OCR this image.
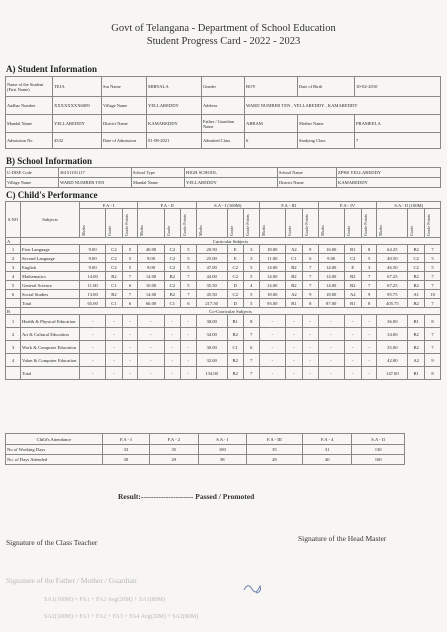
Govt of Telangana - Department of School Education
Student Progress Card - 2022 - 2023
A) Student Information
Name of the Student (First Name)	TEJA	Sur Name	MIRYALA	Gender	BOY	Date of Birth	10-02-2010
Aadhar Number	XXXXXXXX6009	Village Name	YELLAREDDY	Address	WARD NUMBER TEN , YELLAREDDY , KAMAREDDY		
Mandal Name	YELLAREDDY	District Name	KAMAREDDY	Father / Guardian Name	ABRAM	Mother Name	PRAMEELA
Admission No	4532	Date of Admission	01-08-2021	Admitted Class	6	Studying Class	7
B) School Information
U-DISE Code	36151101117	School Type	HIGH SCHOOL	School Name	ZPHS YELLAREDDY
Village Name	WARD NUMBER TEN	Mandal Name	YELLAREDDY	District Name	KAMAREDDY
C) Child's Performance
S.NO	Subjects	F.A - I			F.A - II			S.A - I (100M)			F.A - III			F.A - IV			S.A - II (100M)		

		Marks	Grade	Grade Points	Marks	Grade	Grade Points	Marks	Grade	Grade Points	Marks	Grade	Grade Points	Marks	Grade	Grade Points	Marks	Grade	Grade Points

A	Curricular Subjects																		
1	First Language	9.00	C2	5	40.00	C2	5	20.50	E	3	18.00	A2	9	16.00	B1	8	64.25	B2	7
2	Second Language	9.00	C2	5	9.00	C2	5	25.00	E	3	11.00	C1	6	9.00	C2	5	40.50	C2	5
3	English	9.00	C2	5	9.00	C2	5	47.00	C2	5	14.00	B2	7	14.00	E	3	46.50	C2	5
4	Mathematics	14.00	B2	7	14.00	B2	7	44.00	C2	5	14.00	B2	7	14.00	B2	7	67.25	B2	7
5	General Science	11.00	C1	6	10.00	C2	5	35.50	D	4	14.00	B2	7	14.00	B2	7	67.25	B2	7
6	Social Studies	13.00	B2	7	14.00	B2	7	45.50	C2	5	18.00	A2	9	18.00	A2	9	95.75	A1	10
	Total	65.00	C1	6	66.00	C1	6	217.50	D	5	93.00	B1	8	87.00	B1	8	405.75	B2	7
B	Co-Curricular Subjects																		
1	Health & Physical Education	-	-	-	-	-	-	38.00	B1	8	-	-	-	-	-	-	36.00	B1	8
2	Art & Cultural Education	-	-	-	-	-	-	34.00	B2	7	-	-	-	-	-	-	34.00	B2	7
3	Work & Computer Education	-	-	-	-	-	-	30.00	C1	6	-	-	-	-	-	-	35.00	B2	7
4	Value & Computer Education	-	-	-	-	-	-	32.00	B2	7	-	-	-	-	-	-	42.00	A2	9
	Total	-	-	-	-	-	-	134.00	B2	7	-	-	-	-	-	-	147.00	B1	8
Child's Attendance	F.A - I	F.A - 2	S.A - I	F.A - III	F.A - 4	S.A - II
No of Working Days	33	35	100	35	31	130
No. of Days Attended	30	29	38	28	40	100
Result:--------------------- Passed / Promoted
Signature of the Class Teacher	Signature of the Head Master
Signature of the Father / Mother / Guardian
SA1(100M) = FA1 + FA2 Avg(20M) + SA1(80M)
SA2(100M) = FA1 + FA2 + FA3 + FA4 Avg(20M) + SA2(80M)
